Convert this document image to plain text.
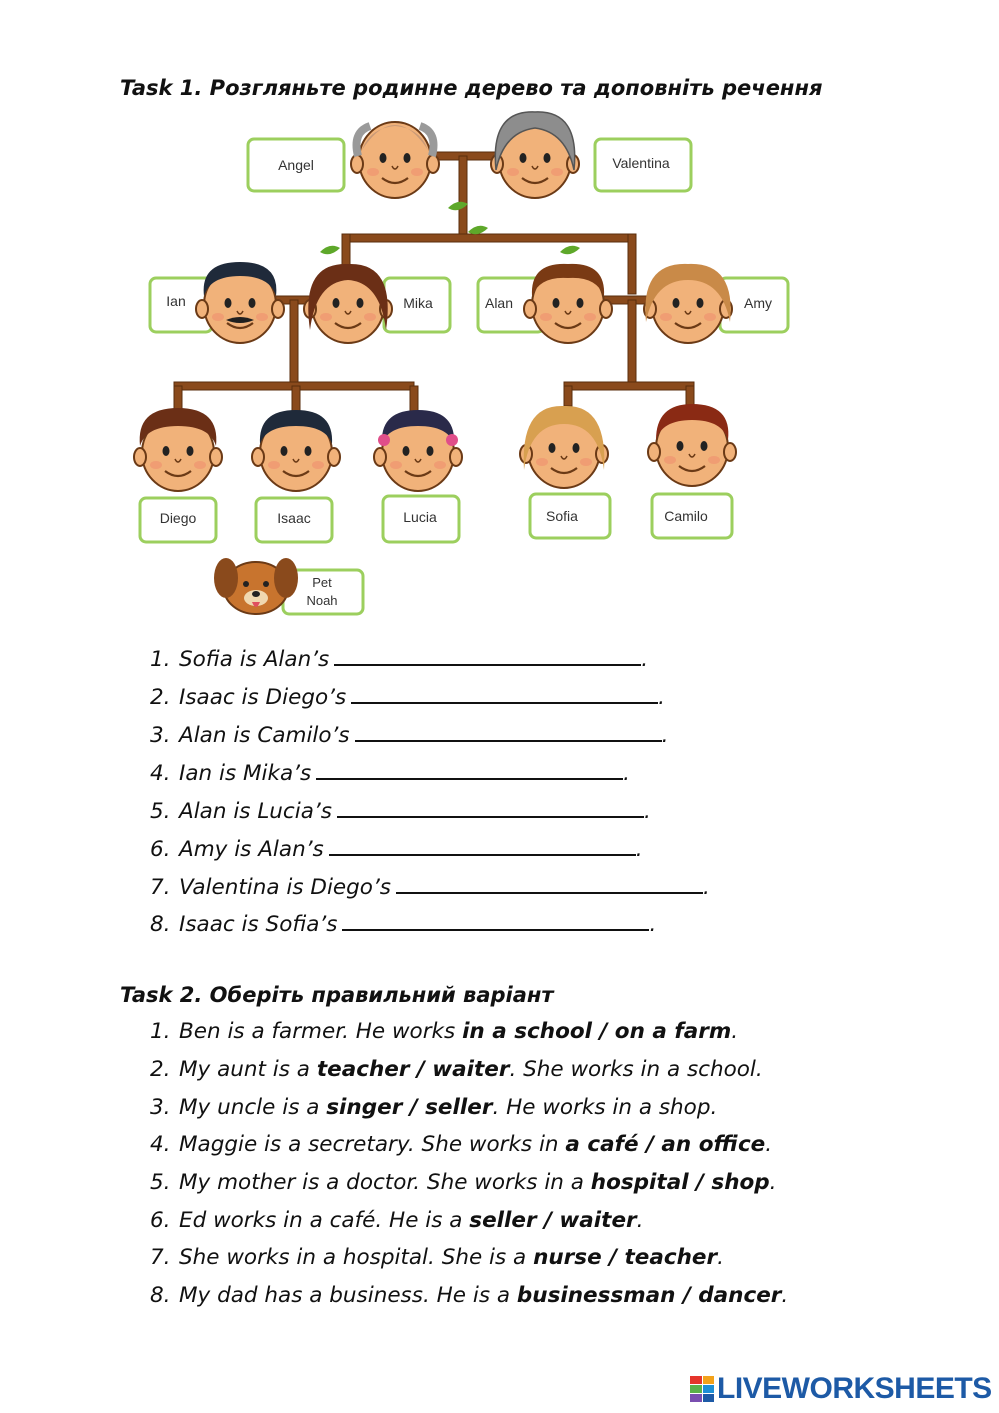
Task 1. Розгляньте родинне дерево та доповніть речення
Angel	Valentina
Ian	Mika	Alan	Amy
Diego	Isaac	Lucia	Sofia	Camilo
Pet
Noah
1. Sofia is Alan’s	.
2. Isaac is Diego’s	.
3. Alan is Camilo’s	.
4. Ian is Mika’s	.
5. Alan is Lucia’s	.
6. Amy is Alan’s	.
7. Valentina is Diego’s	.
8. Isaac is Sofia’s	.
1. Ben is a farmer. He works in a school / on a farm.
2. My aunt is a teacher / waiter. She works in a school.
3. My uncle is a singer / seller. He works in a shop.
4. Maggie is a secretary. She works in a café / an office.
5. My mother is a doctor. She works in a hospital / shop.
6. Ed works in a café. He is a seller / waiter.
7. She works in a hospital. She is a nurse / teacher.
8. My dad has a business. He is a businessman / dancer.
Task 2. Оберіть правильний варіант
LIVEWORKSHEETS
